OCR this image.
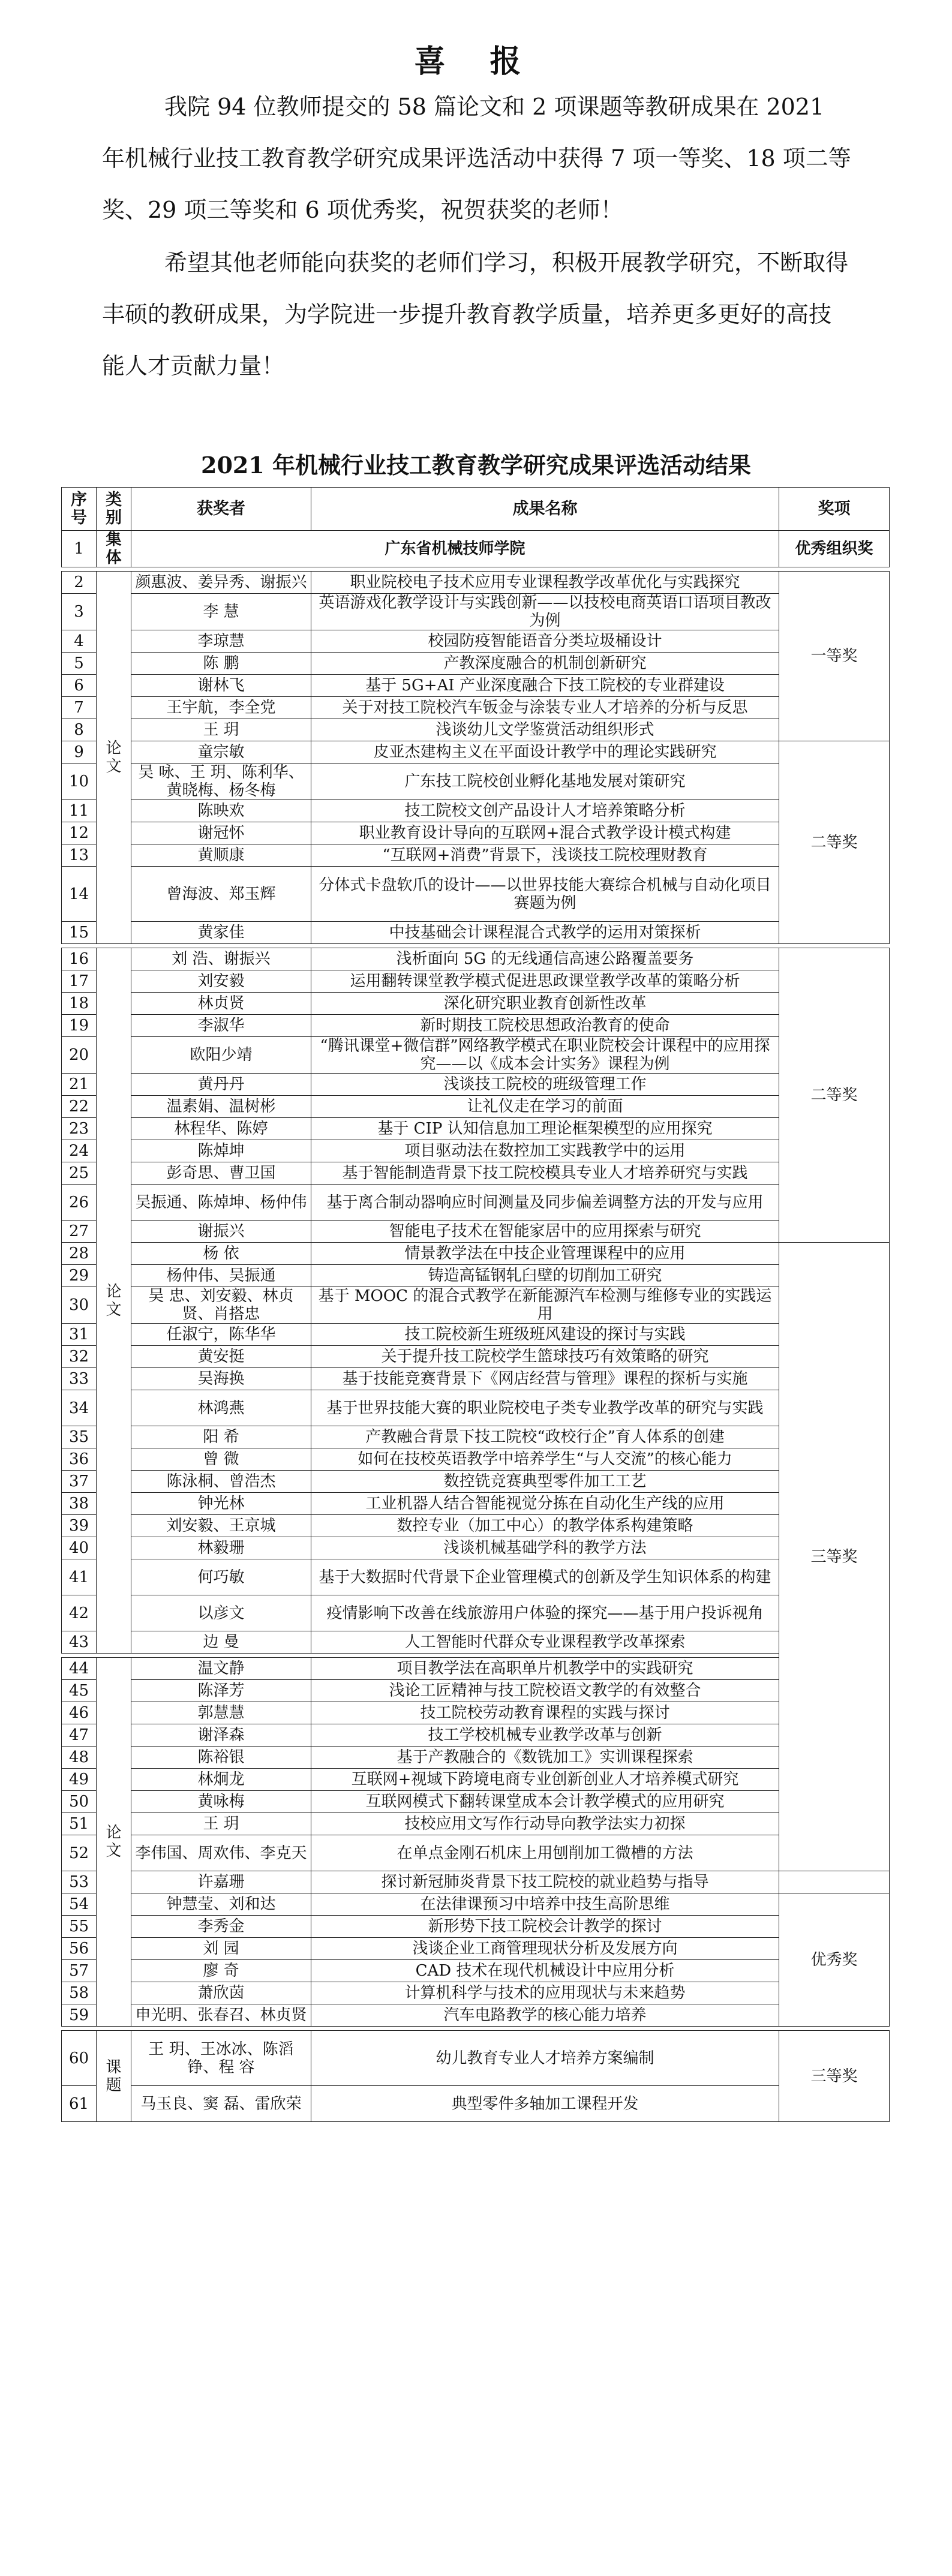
喜 报
我院 94 位教师提交的 58 篇论文和 2 项课题等教研成果在 2021 年机械行业技工教育教学研究成果评选活动中获得 7 项一等奖、18 项二等奖、29 项三等奖和 6 项优秀奖，祝贺获奖的老师！
希望其他老师能向获奖的老师们学习，积极开展教学研究，不断取得丰硕的教研成果，为学院进一步提升教育教学质量，培养更多更好的高技能人才贡献力量！
2021 年机械行业技工教育教学研究成果评选活动结果
序号	类别	获奖者	成果名称	奖项	
1	集体	广东省机械技师学院		优秀组织奖	

2	论文	颜惠波、姜异秀、谢振兴	职业院校电子技术应用专业课程教学改革优化与实践探究	一等奖	
3		李 慧	英语游戏化教学设计与实践创新——以技校电商英语口语项目教改为例		
4		李琼慧	校园防疫智能语音分类垃圾桶设计		
5		陈 鹏	产教深度融合的机制创新研究		
6		谢林飞	基于 5G+AI 产业深度融合下技工院校的专业群建设		
7		王宇航，李全党	关于对技工院校汽车钣金与涂装专业人才培养的分析与反思		
8		王 玥	浅谈幼儿文学鉴赏活动组织形式		
9		童宗敏	皮亚杰建构主义在平面设计教学中的理论实践研究	二等奖	
10		吴 咏、王 玥、陈利华、黄晓梅、杨冬梅	广东技工院校创业孵化基地发展对策研究		
11		陈映欢	技工院校文创产品设计人才培养策略分析		
12		谢冠怀	职业教育设计导向的互联网+混合式教学设计模式构建		
13		黄顺康	“互联网+消费”背景下，浅谈技工院校理财教育		
14		曾海波、郑玉辉	分体式卡盘软爪的设计——以世界技能大赛综合机械与自动化项目赛题为例		
15		黄家佳	中技基础会计课程混合式教学的运用对策探析		

16	论文	刘 浩、谢振兴	浅析面向 5G 的无线通信高速公路覆盖要务	二等奖	
17		刘安毅	运用翻转课堂教学模式促进思政课堂教学改革的策略分析		
18		林贞贤	深化研究职业教育创新性改革		
19		李淑华	新时期技工院校思想政治教育的使命		
20		欧阳少靖	“腾讯课堂+微信群”网络教学模式在职业院校会计课程中的应用探究——以《成本会计实务》课程为例		
21		黄丹丹	浅谈技工院校的班级管理工作		
22		温素娟、温树彬	让礼仪走在学习的前面		
23		林程华、陈婷	基于 CIP 认知信息加工理论框架模型的应用探究		
24		陈焯坤	项目驱动法在数控加工实践教学中的运用		
25		彭奇思、曹卫国	基于智能制造背景下技工院校模具专业人才培养研究与实践		
26		吴振通、陈焯坤、杨仲伟	基于离合制动器响应时间测量及同步偏差调整方法的开发与应用		
27		谢振兴	智能电子技术在智能家居中的应用探索与研究		
28		杨 依	情景教学法在中技企业管理课程中的应用	三等奖	
29		杨仲伟、吴振通	铸造高锰钢轧臼壁的切削加工研究		
30		吴 忠、刘安毅、林贞贤、肖搭忠	基于 MOOC 的混合式教学在新能源汽车检测与维修专业的实践运用		
31		任淑宁，陈华华	技工院校新生班级班风建设的探讨与实践		
32		黄安挺	关于提升技工院校学生篮球技巧有效策略的研究		
33		吴海换	基于技能竞赛背景下《网店经营与管理》课程的探析与实施		
34		林鸿燕	基于世界技能大赛的职业院校电子类专业教学改革的研究与实践		
35		阳 希	产教融合背景下技工院校“政校行企”育人体系的创建		
36		曾 微	如何在技校英语教学中培养学生“与人交流”的核心能力		
37		陈泳桐、曾浩杰	数控铣竞赛典型零件加工工艺		
38		钟光林	工业机器人结合智能视觉分拣在自动化生产线的应用		
39		刘安毅、王京城	数控专业（加工中心）的教学体系构建策略		
40		林毅珊	浅谈机械基础学科的教学方法		
41		何巧敏	基于大数据时代背景下企业管理模式的创新及学生知识体系的构建		
42		以彦文	疫情影响下改善在线旅游用户体验的探究——基于用户投诉视角		
43		边 曼	人工智能时代群众专业课程教学改革探索		

44	论文	温文静	项目教学法在高职单片机教学中的实践研究	
45		陈泽芳	浅论工匠精神与技工院校语文教学的有效整合		
46		郭慧慧	技工院校劳动教育课程的实践与探讨		
47		谢泽森	技工学校机械专业教学改革与创新		
48		陈裕银	基于产教融合的《数铣加工》实训课程探索		
49		林炯龙	互联网+视域下跨境电商专业创新创业人才培养模式研究		
50		黄咏梅	互联网模式下翻转课堂成本会计教学模式的应用研究		
51		王 玥	技校应用文写作行动导向教学法实力初探		
52		李伟国、周欢伟、李克天	在单点金刚石机床上用刨削加工微槽的方法		
53		许嘉珊	探讨新冠肺炎背景下技工院校的就业趋势与指导		
54		钟慧莹、刘和达	在法律课预习中培养中技生高阶思维	优秀奖	
55		李秀金	新形势下技工院校会计教学的探讨		
56		刘 园	浅谈企业工商管理现状分析及发展方向		
57		廖 奇	CAD 技术在现代机械设计中应用分析		
58		萧欣茵	计算机科学与技术的应用现状与未来趋势		
59		申光明、张春召、林贞贤	汽车电路教学的核心能力培养		

60	课题	王 玥、王冰冰、陈滔铮、程 容	幼儿教育专业人才培养方案编制	三等奖	
61		马玉良、窦 磊、雷欣荣	典型零件多轴加工课程开发		
